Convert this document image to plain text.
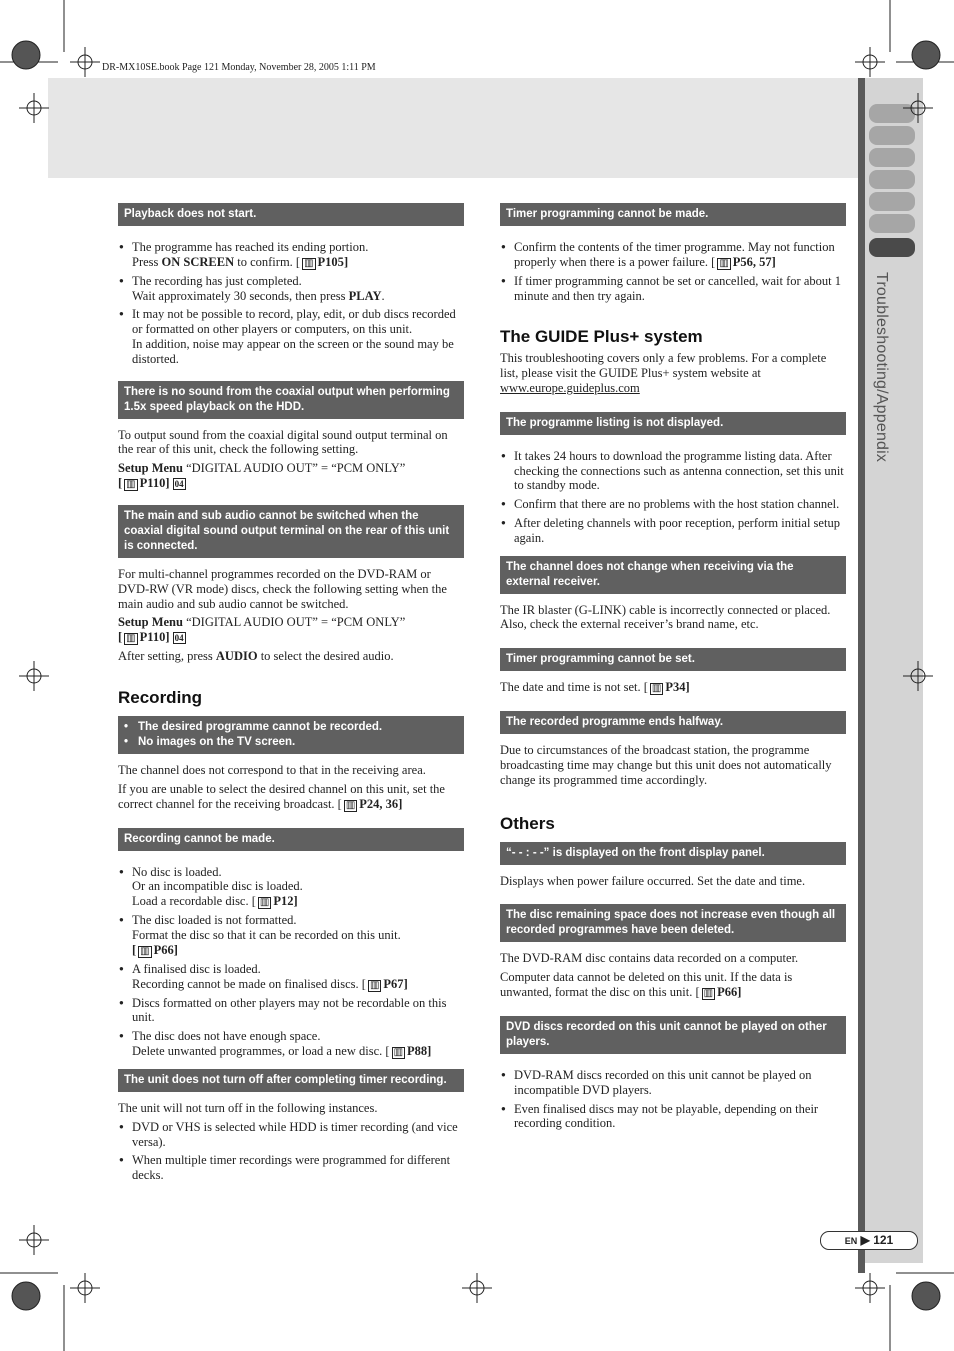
Troubleshooting/Appendix
DR-MX10SE.book Page 121 Monday, November 28, 2005 1:11 PM
Playback does not start.
● The programme has reached its ending portion.
Press ON SCREEN to confirm. [ ▥ P105]
● The recording has just completed.
Wait approximately 30 seconds, then press PLAY.
● It may not be possible to record, play, edit, or dub discs recorded or formatted on other players or computers, on this unit.
In addition, noise may appear on the screen or the sound may be distorted.
There is no sound from the coaxial output when performing 1.5x speed playback on the HDD.

To output sound from the coaxial digital sound output terminal on the rear of this unit, check the following setting.

Setup Menu “DIGITAL AUDIO OUT” = “PCM ONLY”
[ ▥ P110] 04

The main and sub audio cannot be switched when the coaxial digital sound output terminal on the rear of this unit is connected.

For multi-channel programmes recorded on the DVD-RAM or DVD-RW (VR mode) discs, check the following setting when the main audio and sub audio cannot be switched.

Setup Menu “DIGITAL AUDIO OUT” = “PCM ONLY”
[ ▥ P110] 04

After setting, press AUDIO to select the desired audio.

Recording
• The desired programme cannot be recorded.
• No images on the TV screen.

The channel does not correspond to that in the receiving area.

If you are unable to select the desired channel on this unit, set the correct channel for the receiving broadcast. [ ▥ P24, 36]

Recording cannot be made.
● No disc is loaded.
Or an incompatible disc is loaded.
Load a recordable disc. [ ▥ P12]
● The disc loaded is not formatted.
Format the disc so that it can be recorded on this unit.
[ ▥ P66]
● A finalised disc is loaded.
Recording cannot be made on finalised discs. [ ▥ P67]
● Discs formatted on other players may not be recordable on this unit.
● The disc does not have enough space.
Delete unwanted programmes, or load a new disc. [ ▥ P88]
The unit does not turn off after completing timer recording.

The unit will not turn off in the following instances.

● DVD or VHS is selected while HDD is timer recording (and vice versa).
● When multiple timer recordings were programmed for different decks.
Timer programming cannot be made.
● Confirm the contents of the timer programme. May not function properly when there is a power failure. [ ▥ P56, 57]
● If timer programming cannot be set or cancelled, wait for about 1 minute and then try again.
The GUIDE Plus+ system

This troubleshooting covers only a few problems. For a complete list, please visit the GUIDE Plus+ system website at
www.europe.guideplus.com

The programme listing is not displayed.
● It takes 24 hours to download the programme listing data. After checking the connections such as antenna connection, set this unit to standby mode.
● Confirm that there are no problems with the host station channel.
● After deleting channels with poor reception, perform initial setup again.
The channel does not change when receiving via the external receiver.

The IR blaster (G-LINK) cable is incorrectly connected or placed. Also, check the external receiver’s brand name, etc.

Timer programming cannot be set.

The date and time is not set. [ ▥ P34]

The recorded programme ends halfway.

Due to circumstances of the broadcast station, the programme broadcasting time may change but this unit does not automatically change its programmed time accordingly.

Others
“- - : - -” is displayed on the front display panel.

Displays when power failure occurred. Set the date and time.

The disc remaining space does not increase even though all recorded programmes have been deleted.

The DVD-RAM disc contains data recorded on a computer.

Computer data cannot be deleted on this unit. If the data is unwanted, format the disc on this unit. [ ▥ P66]

DVD discs recorded on this unit cannot be played on other players.
● DVD-RAM discs recorded on this unit cannot be played on incompatible DVD players.
● Even finalised discs may not be playable, depending on their recording condition.
EN ▶ 121
